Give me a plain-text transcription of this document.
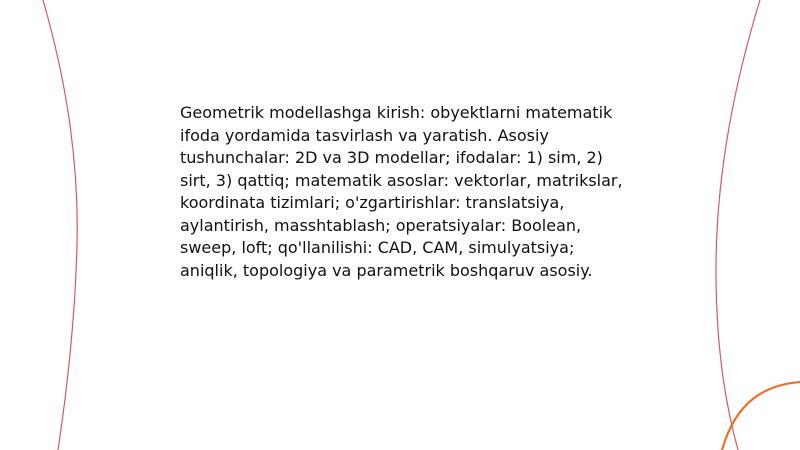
Geometrik modellashga kirish: obyektlarni matematik
ifoda yordamida tasvirlash va yaratish. Asosiy
tushunchalar: 2D va 3D modellar; ifodalar: 1) sim, 2)
sirt, 3) qattiq; matematik asoslar: vektorlar, matrikslar,
koordinata tizimlari; o'zgartirishlar: translatsiya,
aylantirish, masshtablash; operatsiyalar: Boolean,
sweep, loft; qo'llanilishi: CAD, CAM, simulyatsiya;
aniqlik, topologiya va parametrik boshqaruv asosiy.
